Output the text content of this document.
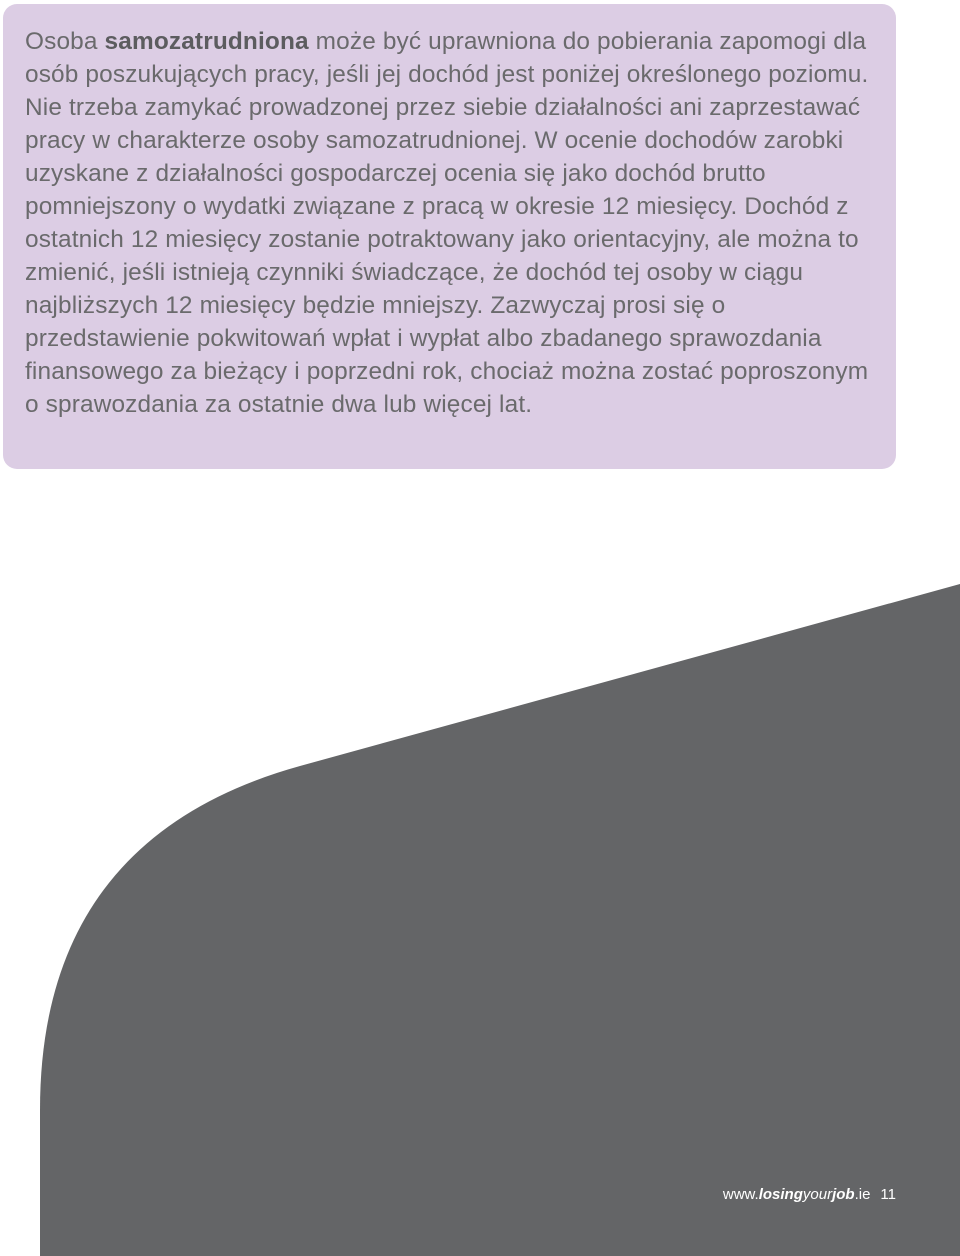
Osoba samozatrudniona może być uprawniona do pobierania zapomogi dla osób poszukujących pracy, jeśli jej dochód jest poniżej określonego poziomu. Nie trzeba zamykać prowadzonej przez siebie działalności ani zaprzestawać pracy w charakterze osoby samozatrudnionej. W ocenie dochodów zarobki uzyskane z działalności gospodarczej ocenia się jako dochód brutto pomniejszony o wydatki związane z pracą w okresie 12 miesięcy. Dochód z ostatnich 12 miesięcy zostanie potraktowany jako orientacyjny, ale można to zmienić, jeśli istnieją czynniki świadczące, że dochód tej osoby w ciągu najbliższych 12 miesięcy będzie mniejszy. Zazwyczaj prosi się o przedstawienie pokwitowań wpłat i wypłat albo zbadanego sprawozdania finansowego za bieżący i poprzedni rok, chociaż można zostać poproszonym o sprawozdania za ostatnie dwa lub więcej lat.

www.losingyourjob.ie 11
